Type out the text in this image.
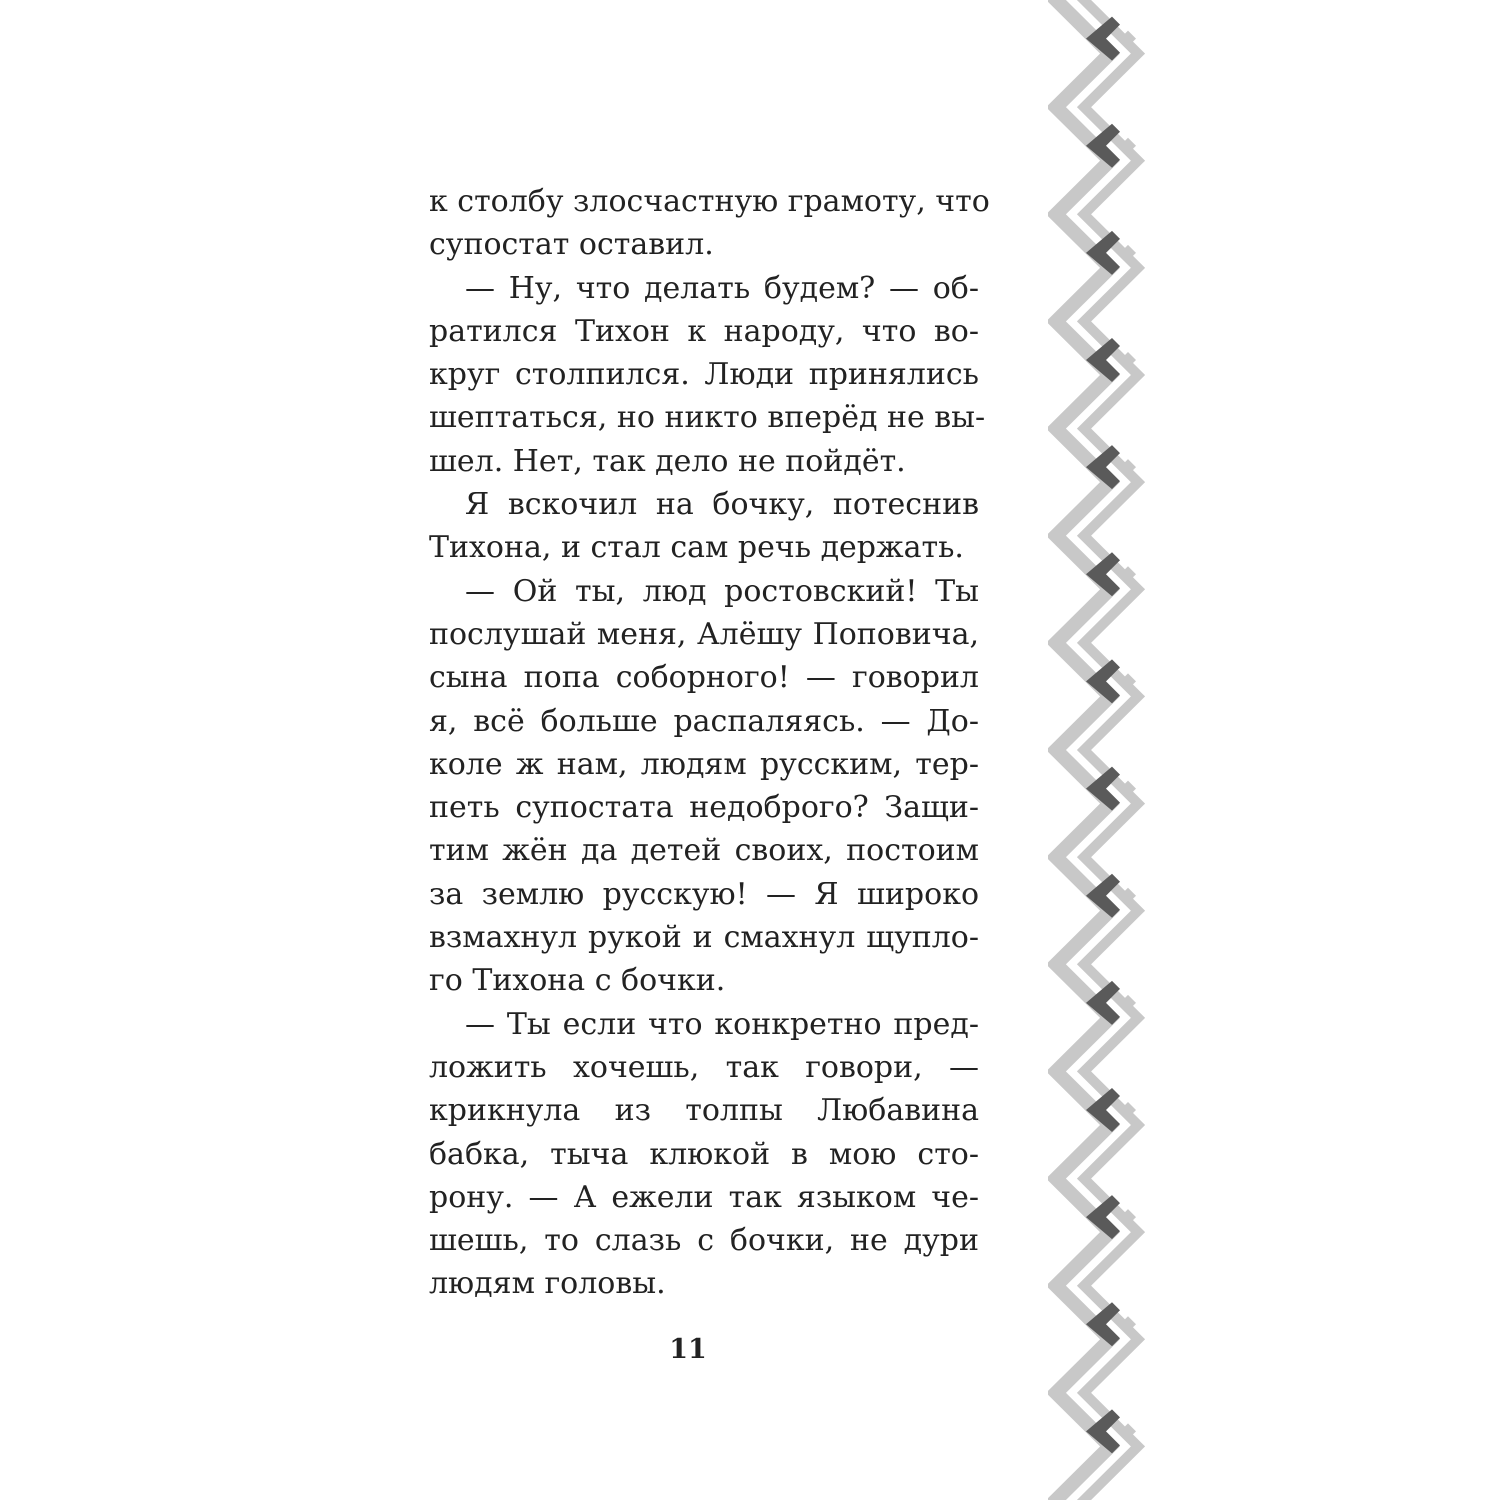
к столбу злосчастную грамоту, что
супостат оставил.
— Ну, что делать будем? — об-
ратился Тихон к народу, что во-
круг столпился. Люди принялись
шептаться, но никто вперёд не вы-
шел. Нет, так дело не пойдёт.
Я вскочил на бочку, потеснив
Тихона, и стал сам речь держать.
— Ой ты, люд ростовский! Ты
послушай меня, Алёшу Поповича,
сына попа соборного! — говорил
я, всё больше распаляясь. — До-
коле ж нам, людям русским, тер-
петь супостата недоброго? Защи-
тим жён да детей своих, постоим
за землю русскую! — Я широко
взмахнул рукой и смахнул щупло-
го Тихона с бочки.
— Ты если что конкретно пред-
ложить хочешь, так говори, —
крикнула из толпы Любавина
бабка, тыча клюкой в мою сто-
рону. — А ежели так языком че-
шешь, то слазь с бочки, не дури
людям головы.
11
